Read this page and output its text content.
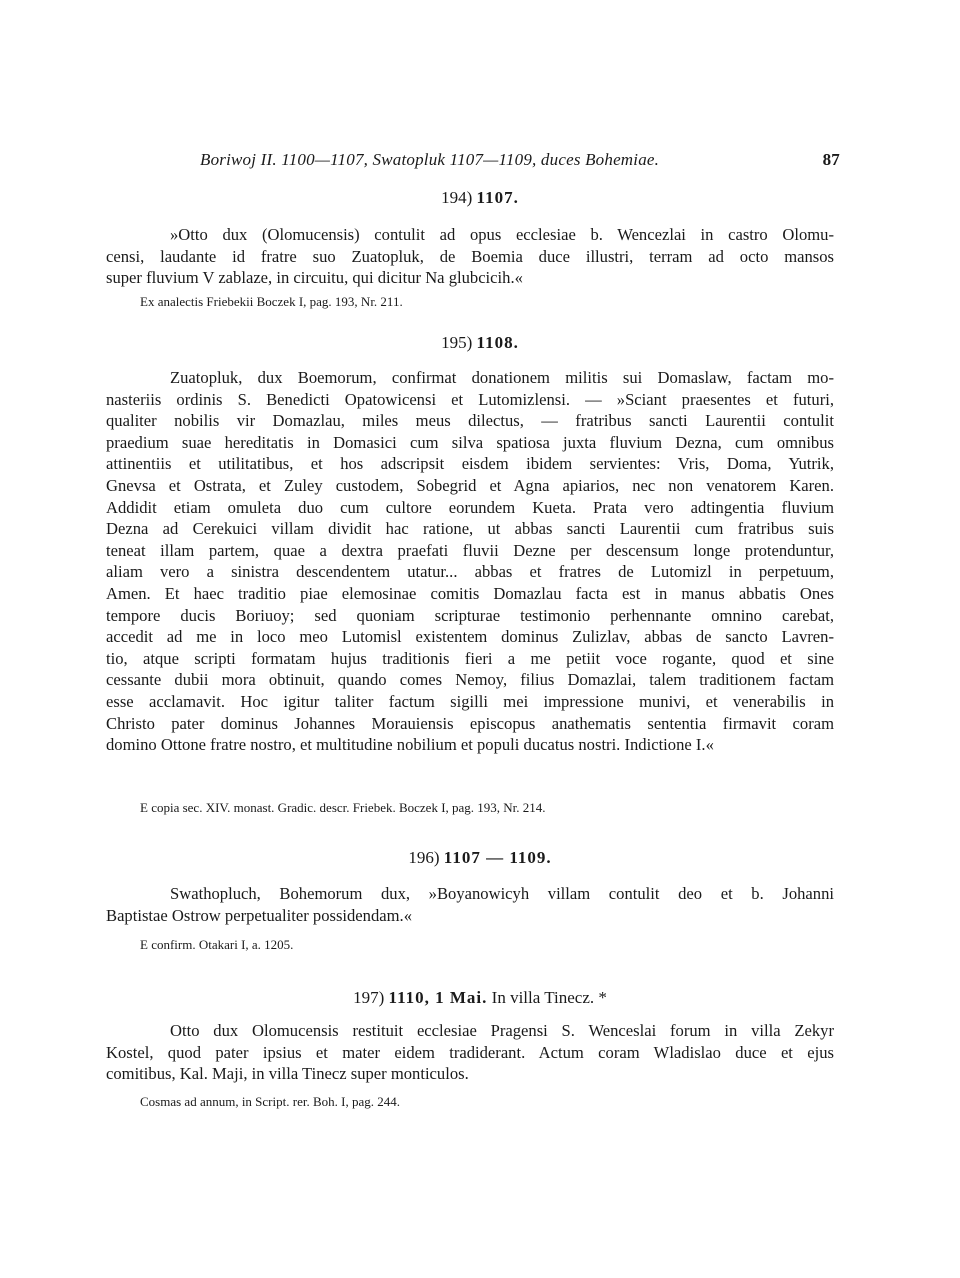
Boriwoj II. 1100—1107, Swatopluk 1107—1109, duces Bohemiae.	87
194) 1107.
»Otto dux (Olomucensis) contulit ad opus ecclesiae b. Wencezlai in castro Olomu-
censi, laudante id fratre suo Zuatopluk, de Boemia duce illustri, terram ad octo mansos
super fluvium V zablaze, in circuitu, qui dicitur Na glubcicih.«
Ex analectis Friebekii Boczek I, pag. 193, Nr. 211.
195) 1108.
Zuatopluk, dux Boemorum, confirmat donationem militis sui Domaslaw, factam mo-
nasteriis ordinis S. Benedicti Opatowicensi et Lutomizlensi. — »Sciant praesentes et futuri,
qualiter nobilis vir Domazlau, miles meus dilectus, — fratribus sancti Laurentii contulit
praedium suae hereditatis in Domasici cum silva spatiosa juxta fluvium Dezna, cum omnibus
attinentiis et utilitatibus, et hos adscripsit eisdem ibidem servientes: Vris, Doma, Yutrik,
Gnevsa et Ostrata, et Zuley custodem, Sobegrid et Agna apiarios, nec non venatorem Karen.
Addidit etiam omuleta duo cum cultore eorundem Kueta. Prata vero adtingentia fluvium
Dezna ad Cerekuici villam dividit hac ratione, ut abbas sancti Laurentii cum fratribus suis
teneat illam partem, quae a dextra praefati fluvii Dezne per descensum longe protenduntur,
aliam vero a sinistra descendentem utatur... abbas et fratres de Lutomizl in perpetuum,
Amen. Et haec traditio piae elemosinae comitis Domazlau facta est in manus abbatis Ones
tempore ducis Boriuoy; sed quoniam scripturae testimonio perhennante omnino carebat,
accedit ad me in loco meo Lutomisl existentem dominus Zulizlav, abbas de sancto Lavren-
tio, atque scripti formatam hujus traditionis fieri a me petiit voce rogante, quod et sine
cessante dubii mora obtinuit, quando comes Nemoy, filius Domazlai, talem traditionem factam
esse acclamavit. Hoc igitur taliter factum sigilli mei impressione munivi, et venerabilis in
Christo pater dominus Johannes Morauiensis episcopus anathematis sententia firmavit coram
domino Ottone fratre nostro, et multitudine nobilium et populi ducatus nostri. Indictione I.«
E copia sec. XIV. monast. Gradic. descr. Friebek. Boczek I, pag. 193, Nr. 214.
196) 1107 — 1109.
Swathopluch, Bohemorum dux, »Boyanowicyh villam contulit deo et b. Johanni
Baptistae Ostrow perpetualiter possidendam.«
E confirm. Otakari I, a. 1205.
197) 1110, 1 Mai. In villa Tinecz. *
Otto dux Olomucensis restituit ecclesiae Pragensi S. Wenceslai forum in villa Zekyr
Kostel, quod pater ipsius et mater eidem tradiderant. Actum coram Wladislao duce et ejus
comitibus, Kal. Maji, in villa Tinecz super monticulos.
Cosmas ad annum, in Script. rer. Boh. I, pag. 244.
